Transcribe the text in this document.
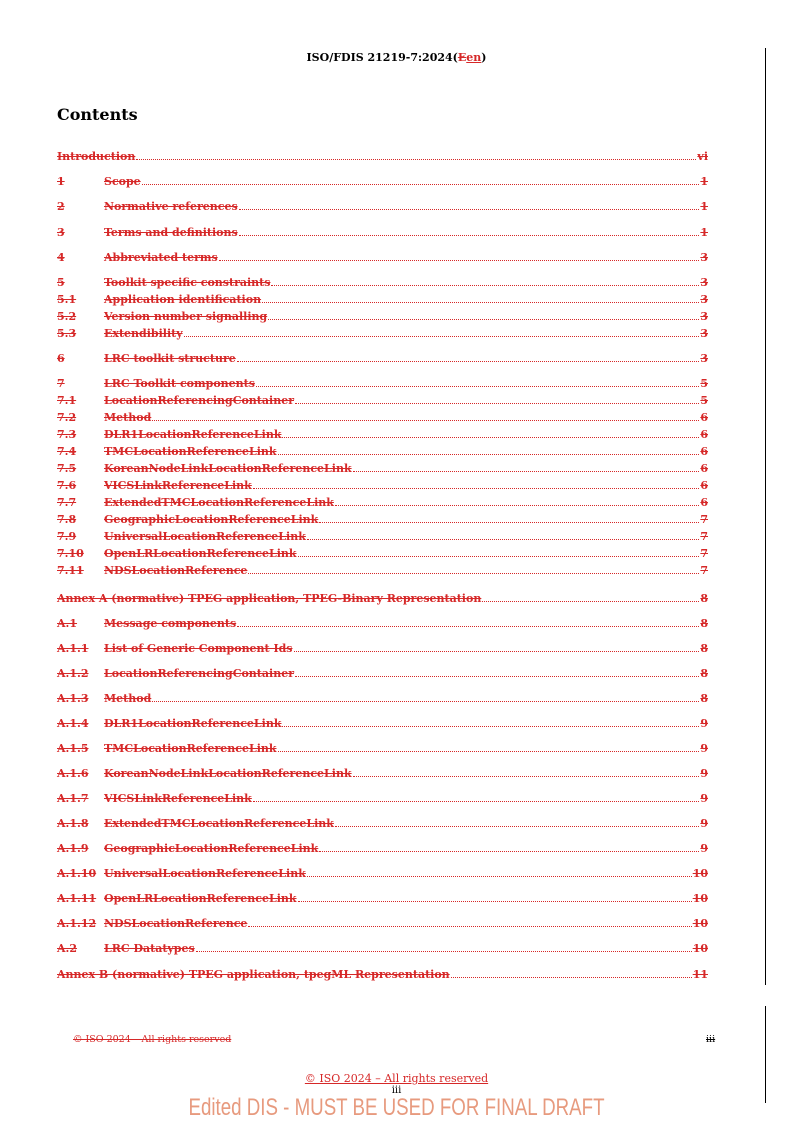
ISO/FDIS 21219-7:2024(Een)
Contents
Introduction	vi
1	Scope	1
2	Normative references	1
3	Terms and definitions	1
4	Abbreviated terms	3
5	Toolkit specific constraints	3
5.1	Application identification	3
5.2	Version number signalling	3
5.3	Extendibility	3
6	LRC toolkit structure	3
7	LRC Toolkit components	5
7.1	LocationReferencingContainer	5
7.2	Method	6
7.3	DLR1LocationReferenceLink	6
7.4	TMCLocationReferenceLink	6
7.5	KoreanNodeLinkLocationReferenceLink	6
7.6	VICSLinkReferenceLink	6
7.7	ExtendedTMCLocationReferenceLink	6
7.8	GeographicLocationReferenceLink	7
7.9	UniversalLocationReferenceLink	7
7.10	OpenLRLocationReferenceLink	7
7.11	NDSLocationReference	7
Annex A (normative) TPEG application, TPEG-Binary Representation	8
A.1	Message components	8
A.1.1	List of Generic Component Ids	8
A.1.2	LocationReferencingContainer	8
A.1.3	Method	8
A.1.4	DLR1LocationReferenceLink	9
A.1.5	TMCLocationReferenceLink	9
A.1.6	KoreanNodeLinkLocationReferenceLink	9
A.1.7	VICSLinkReferenceLink	9
A.1.8	ExtendedTMCLocationReferenceLink	9
A.1.9	GeographicLocationReferenceLink	9
A.1.10 UniversalLocationReferenceLink	10
A.1.11 OpenLRLocationReferenceLink	10
A.1.12 NDSLocationReference	10
A.2	LRC Datatypes	10
Annex B (normative) TPEG application, tpegML Representation	11
© ISO 2024 – All rights reserved	iii
© ISO 2024 – All rights reserved
iii
Edited DIS - MUST BE USED FOR FINAL DRAFT
